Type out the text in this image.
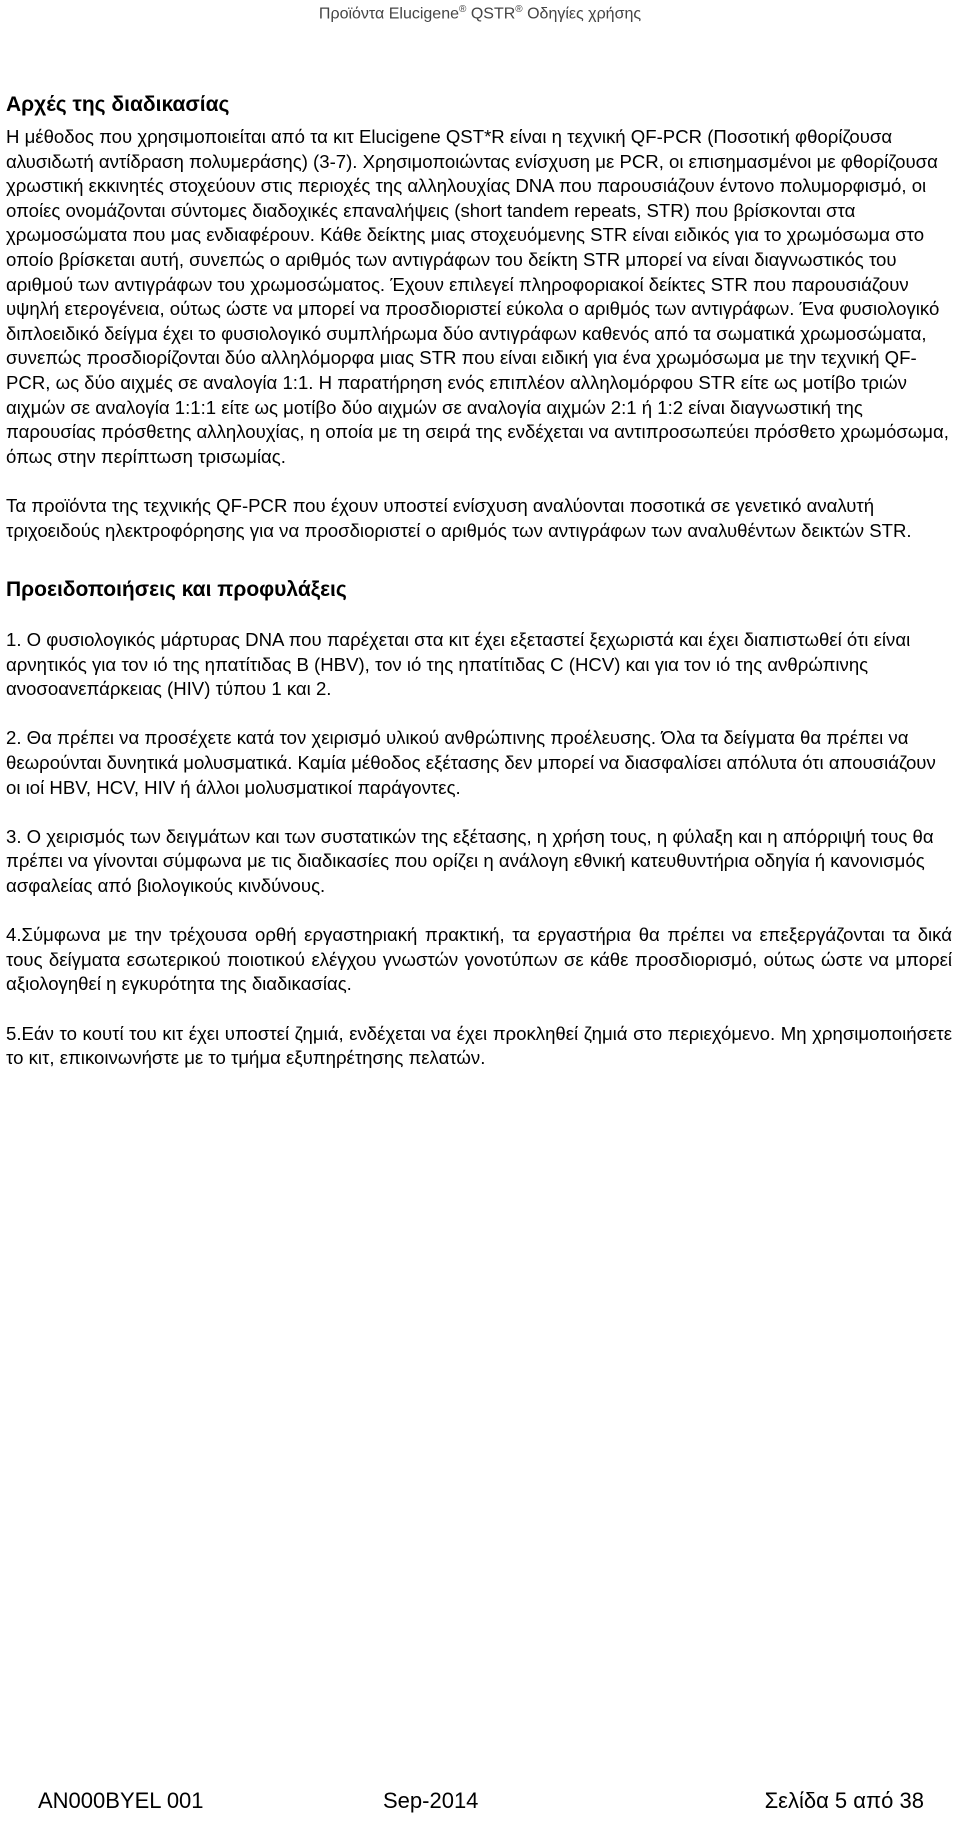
Προϊόντα Elucigene® QSTR® Οδηγίες χρήσης
Αρχές της διαδικασίας

Η μέθοδος που χρησιμοποιείται από τα κιτ Elucigene QST*R είναι η τεχνική QF-PCR (Ποσοτική φθορίζουσα αλυσιδωτή αντίδραση πολυμεράσης) (3-7). Χρησιμοποιώντας ενίσχυση με PCR, οι επισημασμένοι με φθορίζουσα χρωστική εκκινητές στοχεύουν στις περιοχές της αλληλουχίας DNA που παρουσιάζουν έντονο πολυμορφισμό, οι οποίες ονομάζονται σύντομες διαδοχικές επαναλήψεις (short tandem repeats, STR) που βρίσκονται στα χρωμοσώματα που μας ενδιαφέρουν. Κάθε δείκτης μιας στοχευόμενης STR είναι ειδικός για το χρωμόσωμα στο οποίο βρίσκεται αυτή, συνεπώς ο αριθμός των αντιγράφων του δείκτη STR μπορεί να είναι διαγνωστικός του αριθμού των αντιγράφων του χρωμοσώματος. Έχουν επιλεγεί πληροφοριακοί δείκτες STR που παρουσιάζουν υψηλή ετερογένεια, ούτως ώστε να μπορεί να προσδιοριστεί εύκολα ο αριθμός των αντιγράφων. Ένα φυσιολογικό διπλοειδικό δείγμα έχει το φυσιολογικό συμπλήρωμα δύο αντιγράφων καθενός από τα σωματικά χρωμοσώματα, συνεπώς προσδιορίζονται δύο αλληλόμορφα μιας STR που είναι ειδική για ένα χρωμόσωμα με την τεχνική QF-PCR, ως δύο αιχμές σε αναλογία 1:1. Η παρατήρηση ενός επιπλέον αλληλομόρφου STR είτε ως μοτίβο τριών αιχμών σε αναλογία 1:1:1 είτε ως μοτίβο δύο αιχμών σε αναλογία αιχμών 2:1 ή 1:2 είναι διαγνωστική της παρουσίας πρόσθετης αλληλουχίας, η οποία με τη σειρά της ενδέχεται να αντιπροσωπεύει πρόσθετο χρωμόσωμα, όπως στην περίπτωση τρισωμίας.

Τα προϊόντα της τεχνικής QF-PCR που έχουν υποστεί ενίσχυση αναλύονται ποσοτικά σε γενετικό αναλυτή τριχοειδούς ηλεκτροφόρησης για να προσδιοριστεί ο αριθμός των αντιγράφων των αναλυθέντων δεικτών STR.

Προειδοποιήσεις και προφυλάξεις

1. Ο φυσιολογικός μάρτυρας DNA που παρέχεται στα κιτ έχει εξεταστεί ξεχωριστά και έχει διαπιστωθεί ότι είναι αρνητικός για τον ιό της ηπατίτιδας B (HBV), τον ιό της ηπατίτιδας C (HCV) και για τον ιό της ανθρώπινης ανοσοανεπάρκειας (HIV) τύπου 1 και 2.

2. Θα πρέπει να προσέχετε κατά τον χειρισμό υλικού ανθρώπινης προέλευσης. Όλα τα δείγματα θα πρέπει να θεωρούνται δυνητικά μολυσματικά. Καμία μέθοδος εξέτασης δεν μπορεί να διασφαλίσει απόλυτα ότι απουσιάζουν οι ιοί HBV, HCV, HIV ή άλλοι μολυσματικοί παράγοντες.

3. Ο χειρισμός των δειγμάτων και των συστατικών της εξέτασης, η χρήση τους, η φύλαξη και η απόρριψή τους θα πρέπει να γίνονται σύμφωνα με τις διαδικασίες που ορίζει η ανάλογη εθνική κατευθυντήρια οδηγία ή κανονισμός ασφαλείας από βιολογικούς κινδύνους.

4.Σύμφωνα με την τρέχουσα ορθή εργαστηριακή πρακτική, τα εργαστήρια θα πρέπει να επεξεργάζονται τα δικά τους δείγματα εσωτερικού ποιοτικού ελέγχου γνωστών γονοτύπων σε κάθε προσδιορισμό, ούτως ώστε να μπορεί αξιολογηθεί η εγκυρότητα της διαδικασίας.

5.Εάν το κουτί του κιτ έχει υποστεί ζημιά, ενδέχεται να έχει προκληθεί ζημιά στο περιεχόμενο. Μη χρησιμοποιήσετε το κιτ, επικοινωνήστε με το τμήμα εξυπηρέτησης πελατών.

AN000BYEL 001	Sep-2014	Σελίδα 5 από 38
